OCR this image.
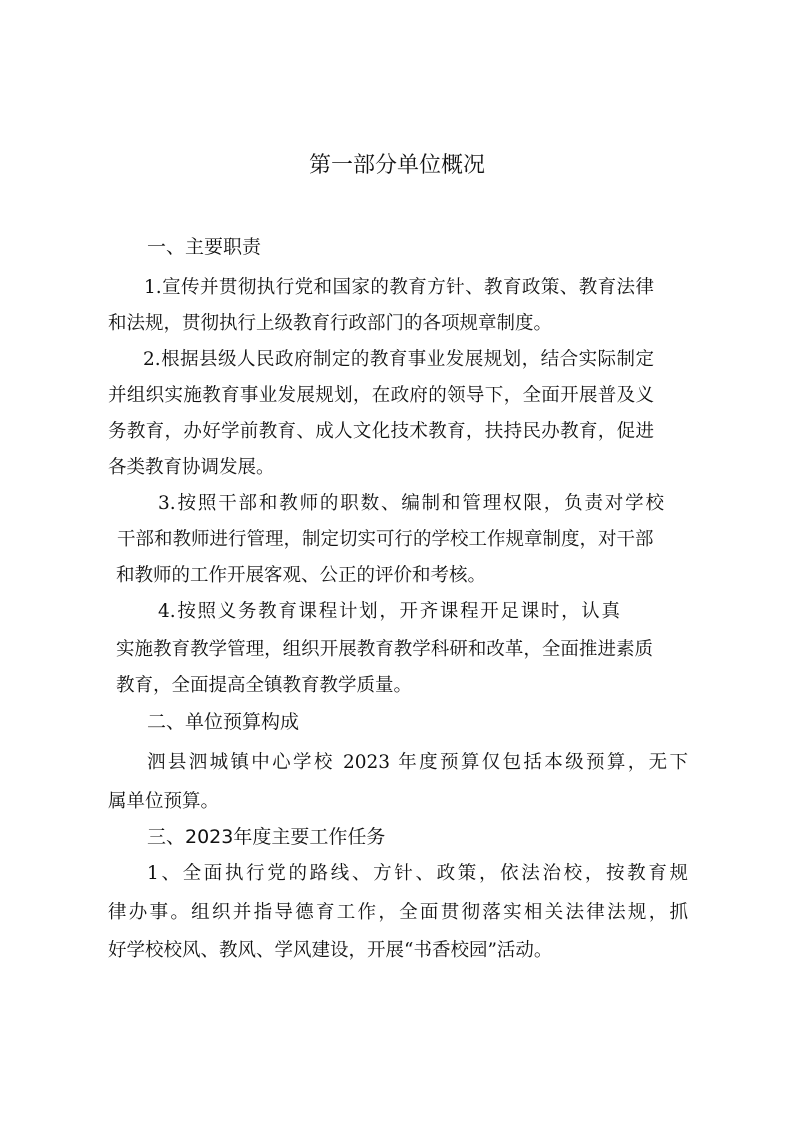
第一部分单位概况
一、主要职责
1.宣传并贯彻执行党和国家的教育方针、教育政策、教育法律
和法规，贯彻执行上级教育行政部门的各项规章制度。
2.根据县级人民政府制定的教育事业发展规划，结合实际制定
并组织实施教育事业发展规划，在政府的领导下，全面开展普及义
务教育，办好学前教育、成人文化技术教育，扶持民办教育，促进
各类教育协调发展。
3.按照干部和教师的职数、编制和管理权限，负责对学校
干部和教师进行管理，制定切实可行的学校工作规章制度，对干部
和教师的工作开展客观、公正的评价和考核。
4.按照义务教育课程计划，开齐课程开足课时，认真
实施教育教学管理，组织开展教育教学科研和改革，全面推进素质
教育，全面提高全镇教育教学质量。
二、单位预算构成
泗县泗城镇中心学校 2023 年度预算仅包括本级预算，无下
属单位预算。
三、2023年度主要工作任务
1、全面执行党的路线、方针、政策，依法治校，按教育规
律办事。组织并指导德育工作，全面贯彻落实相关法律法规，抓
好学校校风、教风、学风建设，开展“书香校园”活动。
